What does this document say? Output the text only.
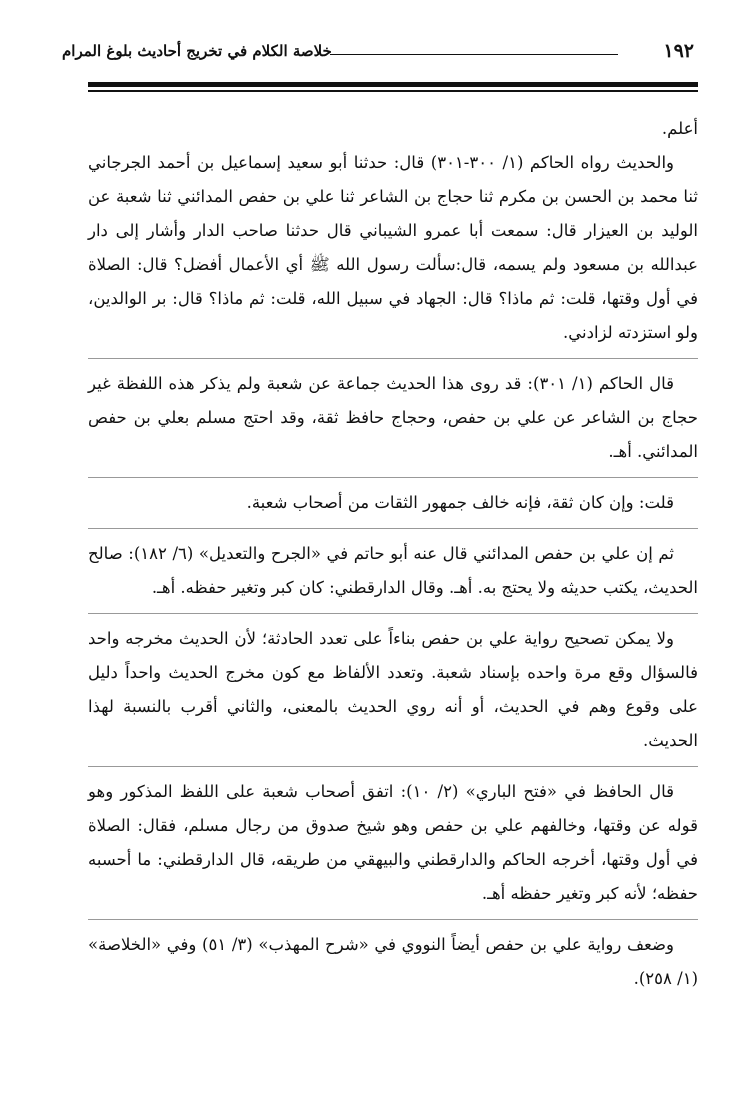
١٩٢
خلاصة الكلام في تخريج أحاديث بلوغ المرام

أعلم.

والحديث رواه الحاكم (١/ ٣٠٠-٣٠١) قال: حدثنا أبو سعيد إسماعيل بن أحمد الجرجاني ثنا محمد بن الحسن بن مكرم ثنا حجاج بن الشاعر ثنا علي بن حفص المدائني ثنا شعبة عن الوليد بن العيزار قال: سمعت أبا عمرو الشيباني قال حدثنا صاحب الدار وأشار إلى دار عبدالله بن مسعود ولم يسمه، قال:سألت رسول الله ﷺ أي الأعمال أفضل؟ قال: الصلاة في أول وقتها، قلت: ثم ماذا؟ قال: الجهاد في سبيل الله، قلت: ثم ماذا؟ قال: بر الوالدين، ولو استزدته لزادني.

قال الحاكم (١/ ٣٠١): قد روى هذا الحديث جماعة عن شعبة ولم يذكر هذه اللفظة غير حجاج بن الشاعر عن علي بن حفص، وحجاج حافظ ثقة، وقد احتج مسلم بعلي بن حفص المدائني. أهـ.

قلت: وإن كان ثقة، فإنه خالف جمهور الثقات من أصحاب شعبة.

ثم إن علي بن حفص المدائني قال عنه أبو حاتم في «الجرح والتعديل» (٦/ ١٨٢): صالح الحديث، يكتب حديثه ولا يحتج به. أهـ. وقال الدارقطني: كان كبر وتغير حفظه. أهـ.

ولا يمكن تصحيح رواية علي بن حفص بناءاً على تعدد الحادثة؛ لأن الحديث مخرجه واحد فالسؤال وقع مرة واحده بإسناد شعبة. وتعدد الألفاظ مع كون مخرج الحديث واحداً دليل على وقوع وهم في الحديث، أو أنه روي الحديث بالمعنى، والثاني أقرب بالنسبة لهذا الحديث.

قال الحافظ في «فتح الباري» (٢/ ١٠): اتفق أصحاب شعبة على اللفظ المذكور وهو قوله عن وقتها، وخالفهم علي بن حفص وهو شيخ صدوق من رجال مسلم، فقال: الصلاة في أول وقتها، أخرجه الحاكم والدارقطني والبيهقي من طريقه، قال الدارقطني: ما أحسبه حفظه؛ لأنه كبر وتغير حفظه أهـ.

وضعف رواية علي بن حفص أيضاً النووي في «شرح المهذب» (٣/ ٥١) وفي «الخلاصة» (١/ ٢٥٨).
